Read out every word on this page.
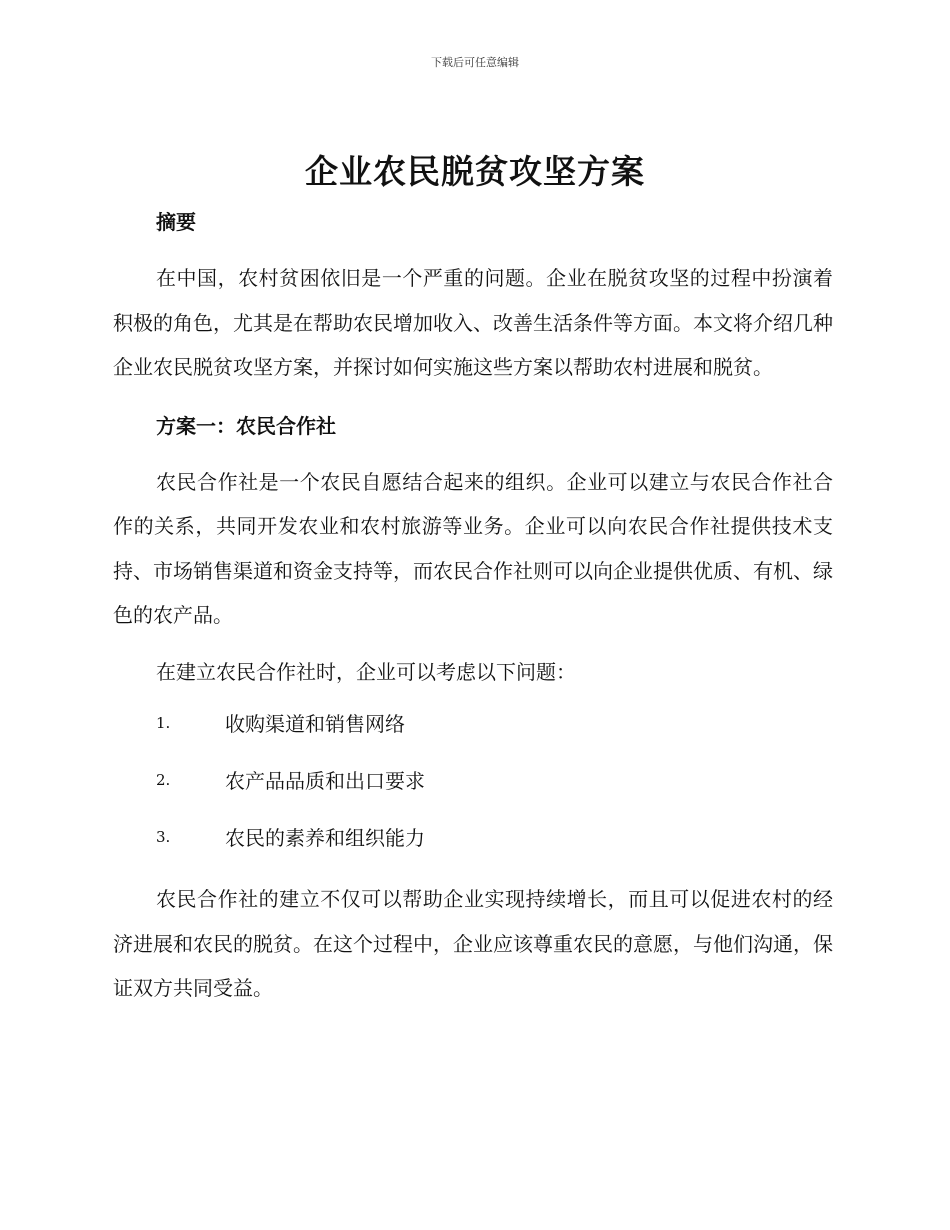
下载后可任意编辑
企业农民脱贫攻坚方案

摘要

在中国，农村贫困依旧是一个严重的问题。企业在脱贫攻坚的过程中扮演着积极的角色，尤其是在帮助农民增加收入、改善生活条件等方面。本文将介绍几种企业农民脱贫攻坚方案，并探讨如何实施这些方案以帮助农村进展和脱贫。

方案一：农民合作社

农民合作社是一个农民自愿结合起来的组织。企业可以建立与农民合作社合作的关系，共同开发农业和农村旅游等业务。企业可以向农民合作社提供技术支持、市场销售渠道和资金支持等，而农民合作社则可以向企业提供优质、有机、绿色的农产品。

在建立农民合作社时，企业可以考虑以下问题：

1.	收购渠道和销售网络
2.	农产品品质和出口要求
3.	农民的素养和组织能力

农民合作社的建立不仅可以帮助企业实现持续增长，而且可以促进农村的经济进展和农民的脱贫。在这个过程中，企业应该尊重农民的意愿，与他们沟通，保证双方共同受益。
